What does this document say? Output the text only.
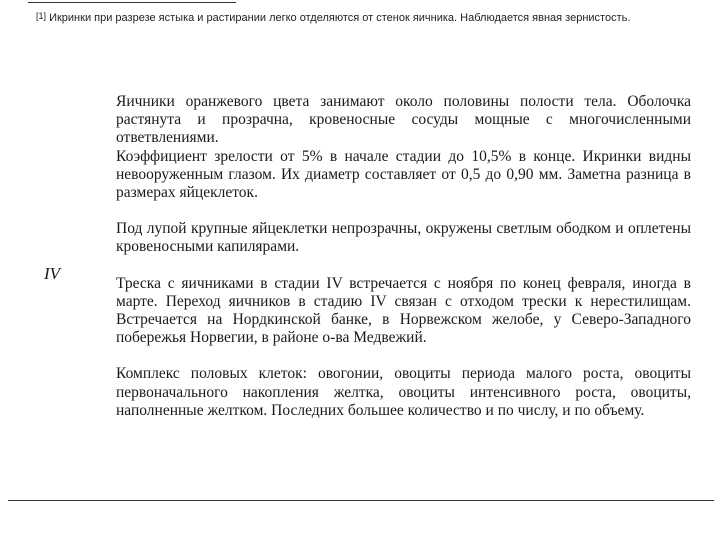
[1] Икринки при разрезе ястыка и растирании легко отделяются от стенок яичника. Наблюдается явная зернистость.
IV

Яичники оранжевого цвета занимают около половины полости тела. Оболочка растянута и прозрачна, кровеносные сосуды мощные с многочисленными ответвлениями.

Коэффициент зрелости от 5% в начале стадии до 10,5% в конце. Икринки видны невооруженным глазом. Их диаметр составляет от 0,5 до 0,90 мм. Заметна разница в размерах яйцеклеток.

Под лупой крупные яйцеклетки непрозрачны, окружены светлым ободком и оплетены кровеносными капилярами.

Треска с яичниками в стадии IV встречается с ноября по конец февраля, иногда в марте. Переход яичников в стадию IV связан с отходом трески к нерестилищам. Встречается на Нордкинской банке, в Норвежском желобе, у Северо-Западного побережья Норвегии, в районе о-ва Медвежий.

Комплекс половых клеток: овогонии, овоциты периода малого роста, овоциты первоначального накопления желтка, овоциты интенсивного роста, овоциты, наполненные желтком. Последних большее количество и по числу, и по объему.
